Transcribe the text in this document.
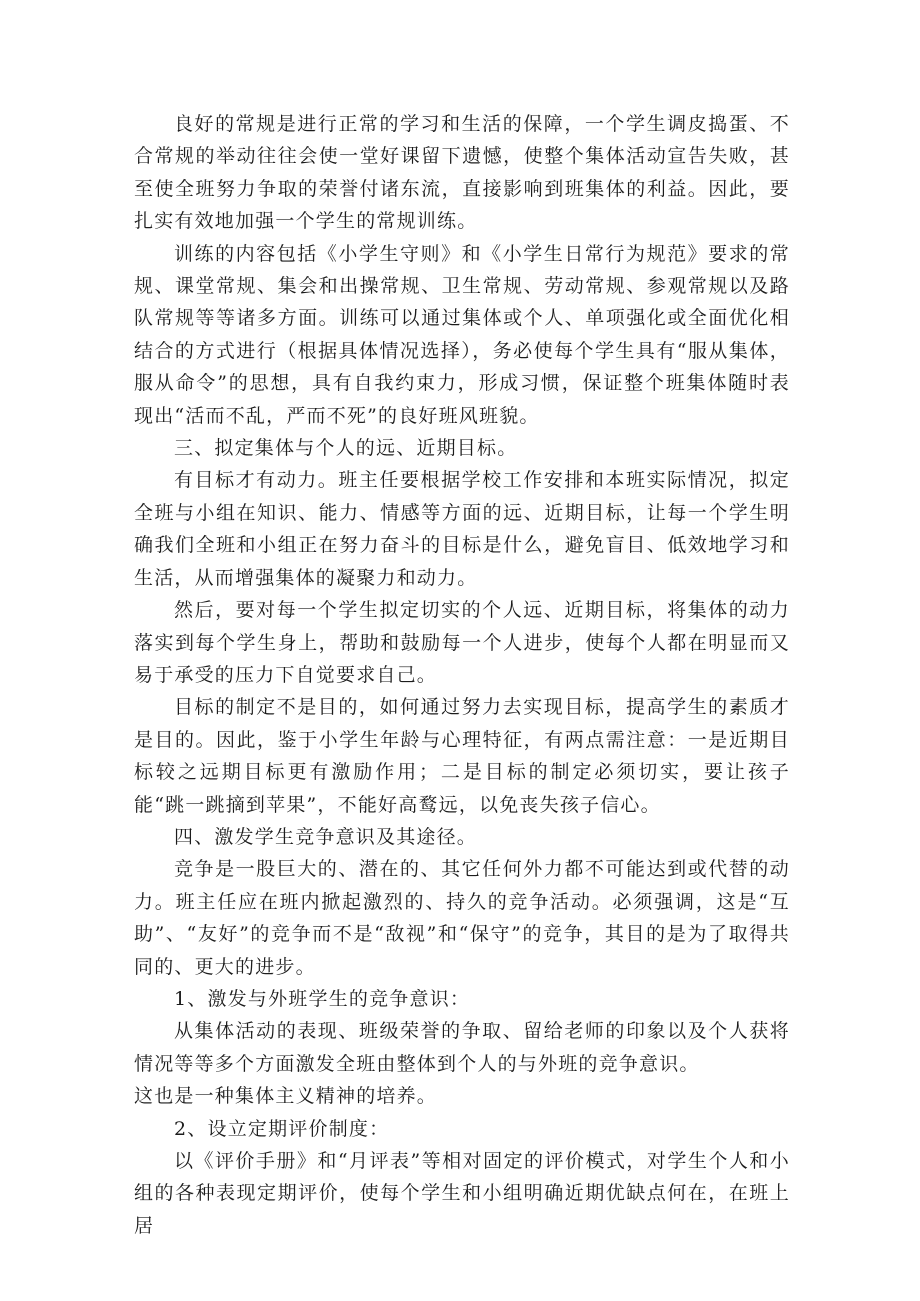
良好的常规是进行正常的学习和生活的保障，一个学生调皮捣蛋、不合常规的举动往往会使一堂好课留下遗憾，使整个集体活动宣告失败，甚至使全班努力争取的荣誉付诸东流，直接影响到班集体的利益。因此，要扎实有效地加强一个学生的常规训练。

训练的内容包括《小学生守则》和《小学生日常行为规范》要求的常规、课堂常规、集会和出操常规、卫生常规、劳动常规、参观常规以及路队常规等等诸多方面。训练可以通过集体或个人、单项强化或全面优化相结合的方式进行（根据具体情况选择），务必使每个学生具有“服从集体，服从命令”的思想，具有自我约束力，形成习惯，保证整个班集体随时表现出“活而不乱，严而不死”的良好班风班貌。

三、拟定集体与个人的远、近期目标。

有目标才有动力。班主任要根据学校工作安排和本班实际情况，拟定全班与小组在知识、能力、情感等方面的远、近期目标，让每一个学生明确我们全班和小组正在努力奋斗的目标是什么，避免盲目、低效地学习和生活，从而增强集体的凝聚力和动力。

然后，要对每一个学生拟定切实的个人远、近期目标，将集体的动力落实到每个学生身上，帮助和鼓励每一个人进步，使每个人都在明显而又易于承受的压力下自觉要求自己。

目标的制定不是目的，如何通过努力去实现目标，提高学生的素质才是目的。因此，鉴于小学生年龄与心理特征，有两点需注意：一是近期目标较之远期目标更有激励作用；二是目标的制定必须切实，要让孩子能“跳一跳摘到苹果”，不能好高鹜远，以免丧失孩子信心。

四、激发学生竞争意识及其途径。

竞争是一股巨大的、潜在的、其它任何外力都不可能达到或代替的动力。班主任应在班内掀起激烈的、持久的竞争活动。必须强调，这是“互助”、“友好”的竞争而不是“敌视”和“保守”的竞争，其目的是为了取得共同的、更大的进步。

1、激发与外班学生的竞争意识：

从集体活动的表现、班级荣誉的争取、留给老师的印象以及个人获将情况等等多个方面激发全班由整体到个人的与外班的竞争意识。

这也是一种集体主义精神的培养。

2、设立定期评价制度：

以《评价手册》和“月评表”等相对固定的评价模式，对学生个人和小组的各种表现定期评价，使每个学生和小组明确近期优缺点何在，在班上居
